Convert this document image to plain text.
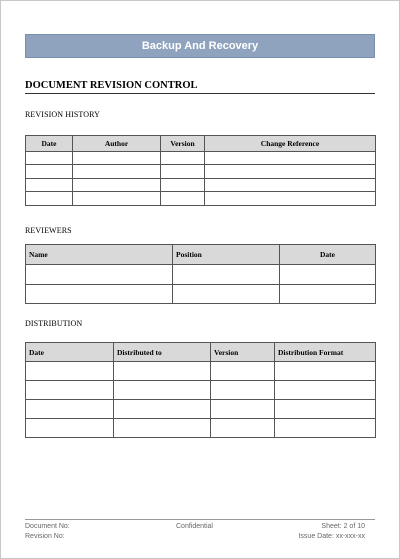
Backup And Recovery
DOCUMENT REVISION CONTROL
REVISION HISTORY
Date	Author	Version	Change Reference

REVIEWERS
Name	Position	Date

DISTRIBUTION
Date	Distributed to	Version	Distribution Format

Document No:
Revision No:
Confidential	Sheet: 2 of 10
Issue Date: xx-xxx-xx
